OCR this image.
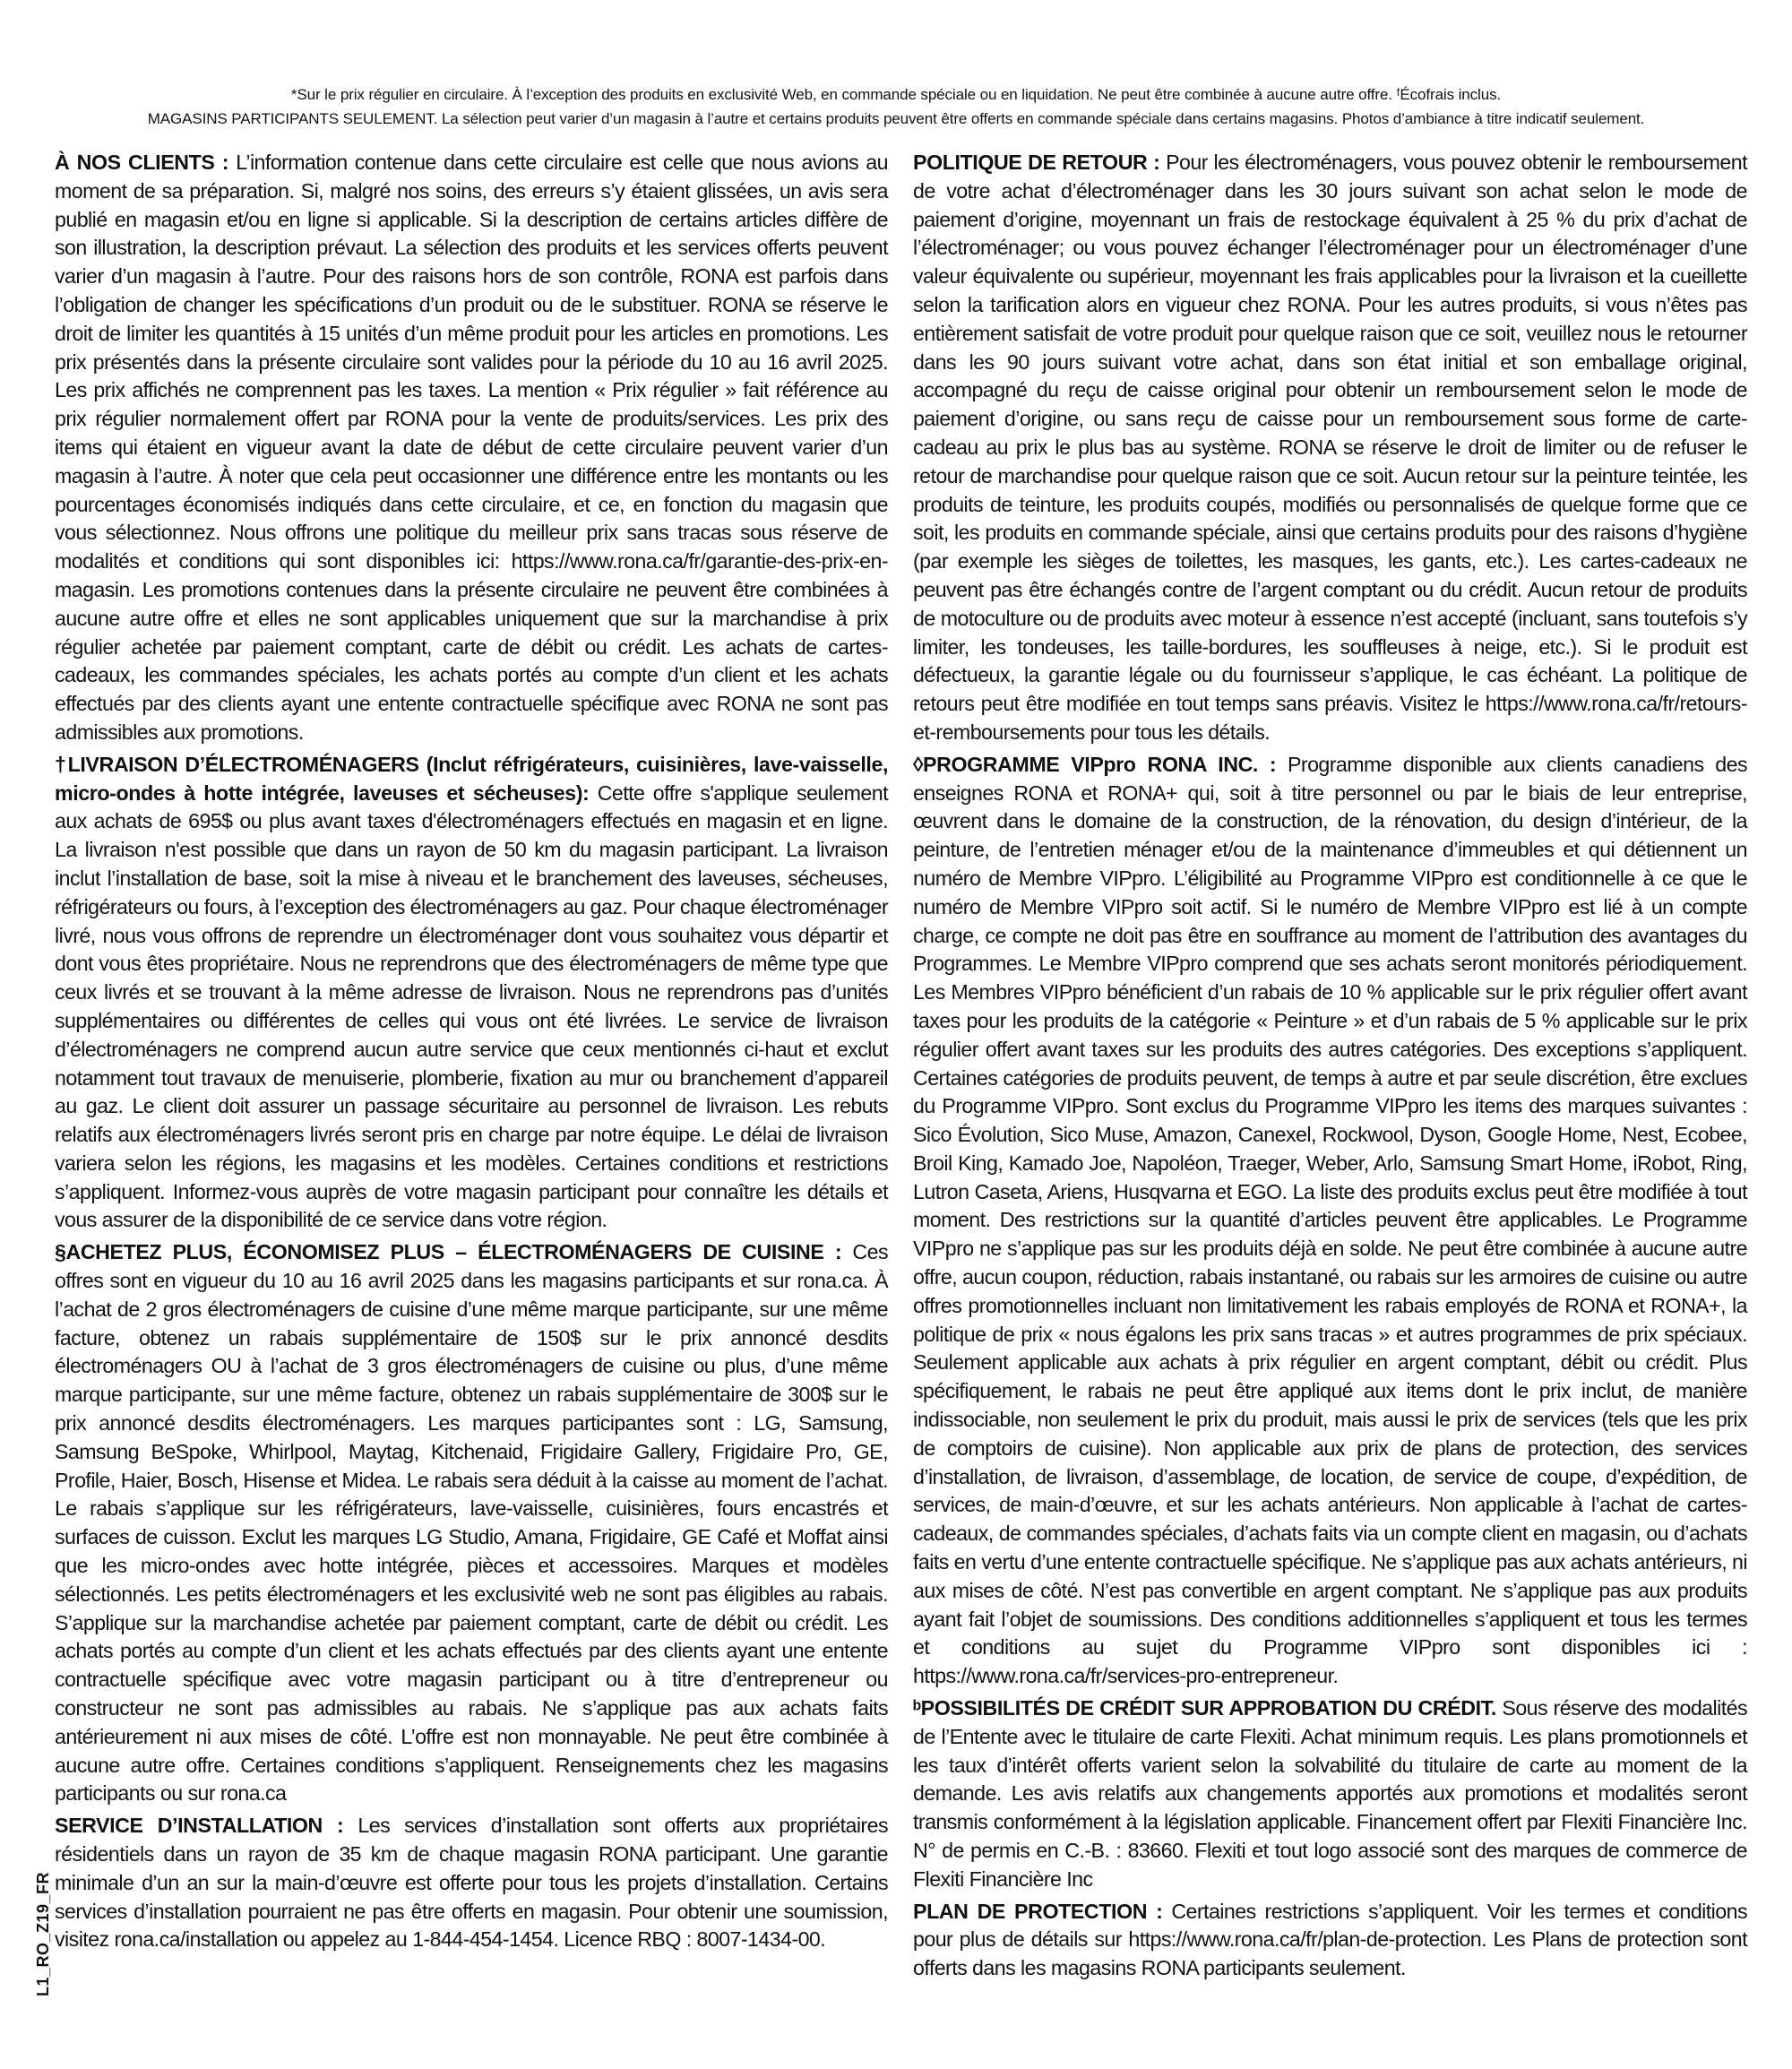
*Sur le prix régulier en circulaire. À l’exception des produits en exclusivité Web, en commande spéciale ou en liquidation. Ne peut être combinée à aucune autre offre. ᶠÉcofrais inclus.

MAGASINS PARTICIPANTS SEULEMENT. La sélection peut varier d’un magasin à l’autre et certains produits peuvent être offerts en commande spéciale dans certains magasins. Photos d’ambiance à titre indicatif seulement.

À NOS CLIENTS : L’information contenue dans cette circulaire est celle que nous avions au moment de sa préparation. Si, malgré nos soins, des erreurs s’y étaient glissées, un avis sera publié en magasin et/ou en ligne si applicable. Si la description de certains articles diffère de son illustration, la description prévaut. La sélection des produits et les services offerts peuvent varier d’un magasin à l’autre. Pour des raisons hors de son contrôle, RONA est parfois dans l’obligation de changer les spécifications d’un produit ou de le substituer. RONA se réserve le droit de limiter les quantités à 15 unités d’un même produit pour les articles en promotions. Les prix présentés dans la présente circulaire sont valides pour la période du 10 au 16 avril 2025. Les prix affichés ne comprennent pas les taxes. La mention « Prix régulier » fait référence au prix régulier normalement offert par RONA pour la vente de produits/services. Les prix des items qui étaient en vigueur avant la date de début de cette circulaire peuvent varier d’un magasin à l’autre. À noter que cela peut occasionner une différence entre les montants ou les pourcentages économisés indiqués dans cette circulaire, et ce, en fonction du magasin que vous sélectionnez. Nous offrons une politique du meilleur prix sans tracas sous réserve de modalités et conditions qui sont disponibles ici: https://www.rona.ca/fr/garantie-des-prix-en-magasin. Les promotions contenues dans la présente circulaire ne peuvent être combinées à aucune autre offre et elles ne sont applicables uniquement que sur la marchandise à prix régulier achetée par paiement comptant, carte de débit ou crédit. Les achats de cartes-cadeaux, les commandes spéciales, les achats portés au compte d’un client et les achats effectués par des clients ayant une entente contractuelle spécifique avec RONA ne sont pas admissibles aux promotions.

†LIVRAISON D’ÉLECTROMÉNAGERS (Inclut réfrigérateurs, cuisinières, lave-vaisselle, micro-ondes à hotte intégrée, laveuses et sécheuses): Cette offre s'applique seulement aux achats de 695$ ou plus avant taxes d'électroménagers effectués en magasin et en ligne. La livraison n'est possible que dans un rayon de 50 km du magasin participant. La livraison inclut l’installation de base, soit la mise à niveau et le branchement des laveuses, sécheuses, réfrigérateurs ou fours, à l’exception des électroménagers au gaz. Pour chaque électroménager livré, nous vous offrons de reprendre un électroménager dont vous souhaitez vous départir et dont vous êtes propriétaire. Nous ne reprendrons que des électroménagers de même type que ceux livrés et se trouvant à la même adresse de livraison. Nous ne reprendrons pas d’unités supplémentaires ou différentes de celles qui vous ont été livrées. Le service de livraison d’électroménagers ne comprend aucun autre service que ceux mentionnés ci-haut et exclut notamment tout travaux de menuiserie, plomberie, fixation au mur ou branchement d’appareil au gaz. Le client doit assurer un passage sécuritaire au personnel de livraison. Les rebuts relatifs aux électroménagers livrés seront pris en charge par notre équipe. Le délai de livraison variera selon les régions, les magasins et les modèles. Certaines conditions et restrictions s’appliquent. Informez-vous auprès de votre magasin participant pour connaître les détails et vous assurer de la disponibilité de ce service dans votre région.

§ACHETEZ PLUS, ÉCONOMISEZ PLUS – ÉLECTROMÉNAGERS DE CUISINE : Ces offres sont en vigueur du 10 au 16 avril 2025 dans les magasins participants et sur rona.ca. À l’achat de 2 gros électroménagers de cuisine d’une même marque participante, sur une même facture, obtenez un rabais supplémentaire de 150$ sur le prix annoncé desdits électroménagers OU à l’achat de 3 gros électroménagers de cuisine ou plus, d’une même marque participante, sur une même facture, obtenez un rabais supplémentaire de 300$ sur le prix annoncé desdits électroménagers. Les marques participantes sont : LG, Samsung, Samsung BeSpoke, Whirlpool, Maytag, Kitchenaid, Frigidaire Gallery, Frigidaire Pro, GE, Profile, Haier, Bosch, Hisense et Midea. Le rabais sera déduit à la caisse au moment de l’achat. Le rabais s’applique sur les réfrigérateurs, lave-vaisselle, cuisinières, fours encastrés et surfaces de cuisson. Exclut les marques LG Studio, Amana, Frigidaire, GE Café et Moffat ainsi que les micro-ondes avec hotte intégrée, pièces et accessoires. Marques et modèles sélectionnés. Les petits électroménagers et les exclusivité web ne sont pas éligibles au rabais. S’applique sur la marchandise achetée par paiement comptant, carte de débit ou crédit. Les achats portés au compte d’un client et les achats effectués par des clients ayant une entente contractuelle spécifique avec votre magasin participant ou à titre d’entrepreneur ou constructeur ne sont pas admissibles au rabais. Ne s’applique pas aux achats faits antérieurement ni aux mises de côté. L’offre est non monnayable. Ne peut être combinée à aucune autre offre. Certaines conditions s’appliquent. Renseignements chez les magasins participants ou sur rona.ca

SERVICE D’INSTALLATION : Les services d’installation sont offerts aux propriétaires résidentiels dans un rayon de 35 km de chaque magasin RONA participant. Une garantie minimale d’un an sur la main-d’œuvre est offerte pour tous les projets d’installation. Certains services d’installation pourraient ne pas être offerts en magasin. Pour obtenir une soumission, visitez rona.ca/installation ou appelez au 1-844-454-1454. Licence RBQ : 8007-1434-00.

POLITIQUE DE RETOUR : Pour les électroménagers, vous pouvez obtenir le remboursement de votre achat d’électroménager dans les 30 jours suivant son achat selon le mode de paiement d’origine, moyennant un frais de restockage équivalent à 25 % du prix d’achat de l’électroménager; ou vous pouvez échanger l’électroménager pour un électroménager d’une valeur équivalente ou supérieur, moyennant les frais applicables pour la livraison et la cueillette selon la tarification alors en vigueur chez RONA. Pour les autres produits, si vous n’êtes pas entièrement satisfait de votre produit pour quelque raison que ce soit, veuillez nous le retourner dans les 90 jours suivant votre achat, dans son état initial et son emballage original, accompagné du reçu de caisse original pour obtenir un remboursement selon le mode de paiement d’origine, ou sans reçu de caisse pour un remboursement sous forme de carte-cadeau au prix le plus bas au système. RONA se réserve le droit de limiter ou de refuser le retour de marchandise pour quelque raison que ce soit. Aucun retour sur la peinture teintée, les produits de teinture, les produits coupés, modifiés ou personnalisés de quelque forme que ce soit, les produits en commande spéciale, ainsi que certains produits pour des raisons d’hygiène (par exemple les sièges de toilettes, les masques, les gants, etc.). Les cartes-cadeaux ne peuvent pas être échangés contre de l’argent comptant ou du crédit. Aucun retour de produits de motoculture ou de produits avec moteur à essence n’est accepté (incluant, sans toutefois s’y limiter, les tondeuses, les taille-bordures, les souffleuses à neige, etc.). Si le produit est défectueux, la garantie légale ou du fournisseur s’applique, le cas échéant. La politique de retours peut être modifiée en tout temps sans préavis. Visitez le https://www.rona.ca/fr/retours-et-remboursements pour tous les détails.

◊PROGRAMME VIPpro RONA INC. : Programme disponible aux clients canadiens des enseignes RONA et RONA+ qui, soit à titre personnel ou par le biais de leur entreprise, œuvrent dans le domaine de la construction, de la rénovation, du design d’intérieur, de la peinture, de l’entretien ménager et/ou de la maintenance d’immeubles et qui détiennent un numéro de Membre VIPpro. L’éligibilité au Programme VIPpro est conditionnelle à ce que le numéro de Membre VIPpro soit actif. Si le numéro de Membre VIPpro est lié à un compte charge, ce compte ne doit pas être en souffrance au moment de l’attribution des avantages du Programmes. Le Membre VIPpro comprend que ses achats seront monitorés périodiquement. Les Membres VIPpro bénéficient d’un rabais de 10 % applicable sur le prix régulier offert avant taxes pour les produits de la catégorie « Peinture » et d’un rabais de 5 % applicable sur le prix régulier offert avant taxes sur les produits des autres catégories. Des exceptions s’appliquent. Certaines catégories de produits peuvent, de temps à autre et par seule discrétion, être exclues du Programme VIPpro. Sont exclus du Programme VIPpro les items des marques suivantes : Sico Évolution, Sico Muse, Amazon, Canexel, Rockwool, Dyson, Google Home, Nest, Ecobee, Broil King, Kamado Joe, Napoléon, Traeger, Weber, Arlo, Samsung Smart Home, iRobot, Ring, Lutron Caseta, Ariens, Husqvarna et EGO. La liste des produits exclus peut être modifiée à tout moment. Des restrictions sur la quantité d’articles peuvent être applicables. Le Programme VIPpro ne s’applique pas sur les produits déjà en solde. Ne peut être combinée à aucune autre offre, aucun coupon, réduction, rabais instantané, ou rabais sur les armoires de cuisine ou autre offres promotionnelles incluant non limitativement les rabais employés de RONA et RONA+, la politique de prix « nous égalons les prix sans tracas » et autres programmes de prix spéciaux. Seulement applicable aux achats à prix régulier en argent comptant, débit ou crédit. Plus spécifiquement, le rabais ne peut être appliqué aux items dont le prix inclut, de manière indissociable, non seulement le prix du produit, mais aussi le prix de services (tels que les prix de comptoirs de cuisine). Non applicable aux prix de plans de protection, des services d’installation, de livraison, d’assemblage, de location, de service de coupe, d’expédition, de services, de main-d’œuvre, et sur les achats antérieurs. Non applicable à l’achat de cartes-cadeaux, de commandes spéciales, d’achats faits via un compte client en magasin, ou d’achats faits en vertu d’une entente contractuelle spécifique. Ne s’applique pas aux achats antérieurs, ni aux mises de côté. N’est pas convertible en argent comptant. Ne s’applique pas aux produits ayant fait l’objet de soumissions. Des conditions additionnelles s’appliquent et tous les termes et conditions au sujet du Programme VIPpro sont disponibles ici : https://www.rona.ca/fr/services-pro-entrepreneur.

ᵇPOSSIBILITÉS DE CRÉDIT SUR APPROBATION DU CRÉDIT. Sous réserve des modalités de l’Entente avec le titulaire de carte Flexiti. Achat minimum requis. Les plans promotionnels et les taux d’intérêt offerts varient selon la solvabilité du titulaire de carte au moment de la demande. Les avis relatifs aux changements apportés aux promotions et modalités seront transmis conformément à la législation applicable. Financement offert par Flexiti Financière Inc. N° de permis en C.-B. : 83660. Flexiti et tout logo associé sont des marques de commerce de Flexiti Financière Inc

PLAN DE PROTECTION : Certaines restrictions s’appliquent. Voir les termes et conditions pour plus de détails sur https://www.rona.ca/fr/plan-de-protection. Les Plans de protection sont offerts dans les magasins RONA participants seulement.

L1_RO_Z19_FR
